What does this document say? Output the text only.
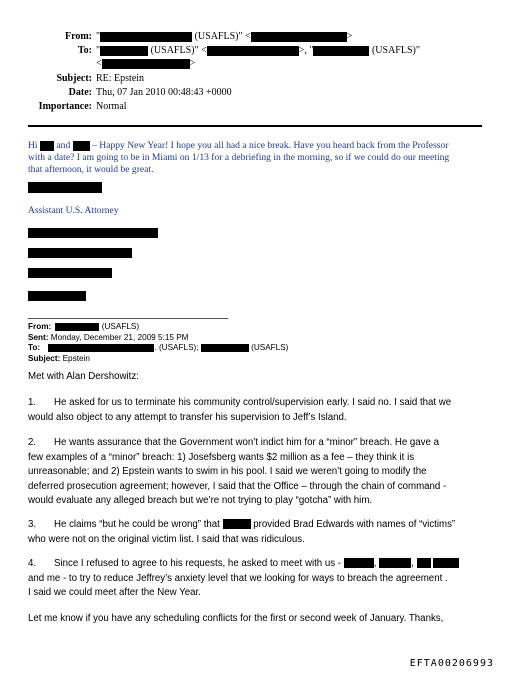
From: "	(USAFLS)" <	>
To: "	(USAFLS)" <	>, "	(USAFLS)"
<	>
Subject: RE: Epstein
Date: Thu, 07 Jan 2010 00:48:43 +0000
Importance: Normal
Hi and – Happy New Year! I hope you all had a nice break. Have you heard back from the Professor
with a date? I am going to be in Miami on 1/13 for a debriefing in the morning, so if we could do our meeting
that afternoon, it would be great.
Assistant U.S. Attorney
From:	(USAFLS)
Sent: Monday, December 21, 2009 5:15 PM
To:	. (USAFLS);	(USAFLS)
Subject: Epstein

Met with Alan Dershowitz:

1. He asked for us to terminate his community control/supervision early. I said no. I said that we
would also object to any attempt to transfer his supervision to Jeff’s Island.

2. He wants assurance that the Government won’t indict him for a “minor” breach. He gave a
few examples of a “minor” breach: 1) Josefsberg wants $2 million as a fee – they think it is
unreasonable; and 2) Epstein wants to swim in his pool. I said we weren’t going to modify the
deferred prosecution agreement; however, I said that the Office – through the chain of command -
would evaluate any alleged breach but we’re not trying to play “gotcha” with him.

3. He claims “but he could be wrong” that	provided Brad Edwards with names of “victims”
who were not on the original victim list. I said that was ridiculous.

4. Since I refused to agree to his requests, he asked to meet with us -	,	,
and me - to try to reduce Jeffrey’s anxiety level that we looking for ways to breach the agreement .
I said we could meet after the New Year.

Let me know if you have any scheduling conflicts for the first or second week of January. Thanks,

EFTA00206993
